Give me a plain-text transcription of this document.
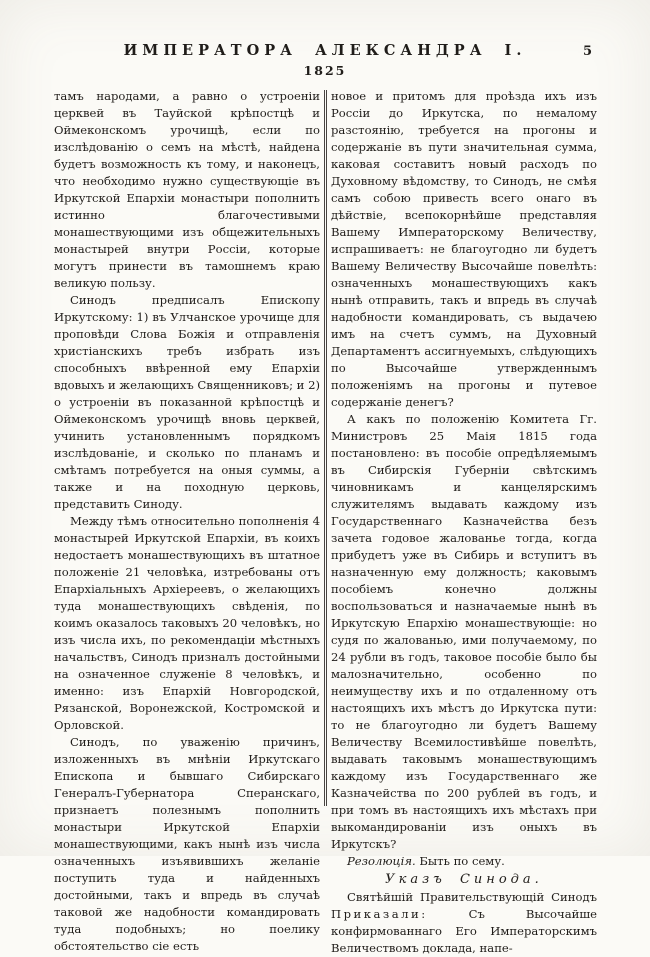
ИМПЕРАТОРА АЛЕКСАНДРА I.	5
1825

тамъ народами, а равно о устроеніи церквей въ Тауйской крѣпостцѣ и Оймеконскомъ урочищѣ, если по изслѣдованію о семъ на мѣстѣ, найдена будетъ возможность къ тому, и наконецъ, что необходимо нужно существующіе въ Иркутской Епархіи монастыри пополнить истинно благочестивыми монашествующими изъ общежительныхъ монастырей внутри Россіи, которые могутъ принести въ тамошнемъ краю великую пользу.

Синодъ предписалъ Епископу Иркутскому: 1) въ Улчанское урочище для проповѣди Слова Божія и отправленія христіанскихъ требъ избрать изъ способныхъ ввѣренной ему Епархіи вдовыхъ и желающихъ Священниковъ; и 2) о устроеніи въ показанной крѣпостцѣ и Оймеконскомъ урочищѣ вновь церквей, учинить установленнымъ порядкомъ изслѣдованіе, и сколько по планамъ и смѣтамъ потребуется на оныя суммы, а также и на походную церковь, представить Синоду.

Между тѣмъ относительно пополненія 4 монастырей Иркутской Епархіи, въ коихъ недостаетъ монашествующихъ въ штатное положеніе 21 человѣка, изтребованы отъ Епархіальныхъ Архіереевъ, о желающихъ туда монашествующихъ свѣденія, по коимъ оказалось таковыхъ 20 человѣкъ, но изъ числа ихъ, по рекомендаціи мѣстныхъ начальствъ, Синодъ призналъ достойными на означенное служеніе 8 человѣкъ, и именно: изъ Епархій Новгородской, Рязанской, Воронежской, Костромской и Орловской.

Синодъ, по уваженію причинъ, изложенныхъ въ мнѣніи Иркутскаго Епископа и бывшаго Сибирскаго Генералъ-Губернатора Сперанскаго, признаетъ полезнымъ пополнить монастыри Иркутской Епархіи монашествующими, какъ нынѣ изъ числа означенныхъ изъявившихъ желаніе поступить туда и найденныхъ достойными, такъ и впредь въ случаѣ таковой же надобности командировать туда подобныхъ; но поелику обстоятельство сіе есть

новое и притомъ для проѣзда ихъ изъ Россіи до Иркутска, по немалому разстоянію, требуется на прогоны и содержаніе въ пути значительная сумма, каковая составитъ новый расходъ по Духовному вѣдомству, то Синодъ, не смѣя самъ собою привесть всего онаго въ дѣйствіе, всепокорнѣйше представляя Вашему Императорскому Величеству, испрашиваетъ: не благоугодно ли будетъ Вашему Величеству Высочайше повелѣть: означенныхъ монашествующихъ какъ нынѣ отправить, такъ и впредь въ случаѣ надобности командировать, съ выдачею имъ на счетъ суммъ, на Духовный Департаментъ ассигнуемыхъ, слѣдующихъ по Высочайше утвержденнымъ положеніямъ на прогоны и путевое содержаніе денегъ?

А какъ по положенію Комитета Гг. Министровъ 25 Маія 1815 года постановлено: въ пособіе опредѣляемымъ въ Сибирскія Губерніи свѣтскимъ чиновникамъ и канцелярскимъ служителямъ выдавать каждому изъ Государственнаго Казначейства безъ зачета годовое жалованье тогда, когда прибудетъ уже въ Сибирь и вступитъ въ назначенную ему должность; каковымъ пособіемъ конечно должны воспользоваться и назначаемые нынѣ въ Иркутскую Епархію монашествующіе: но судя по жалованью, ими получаемому, по 24 рубли въ годъ, таковое пособіе было бы малозначительно, особенно по неимуществу ихъ и по отдаленному отъ настоящихъ ихъ мѣстъ до Иркутска пути: то не благоугодно ли будетъ Вашему Величеству Всемилостивѣйше повелѣть, выдавать таковымъ монашествующимъ каждому изъ Государственнаго же Казначейства по 200 рублей въ годъ, и при томъ въ настоящихъ ихъ мѣстахъ при выкомандированіи изъ оныхъ въ Иркутскъ?

Резолюція. Быть по сему.

Указъ Синода.

Святѣйшій Правительствующій Синодъ Приказали: Съ Высочайше конфирмованнаго Его Императорскимъ Величествомъ доклада, напе-
